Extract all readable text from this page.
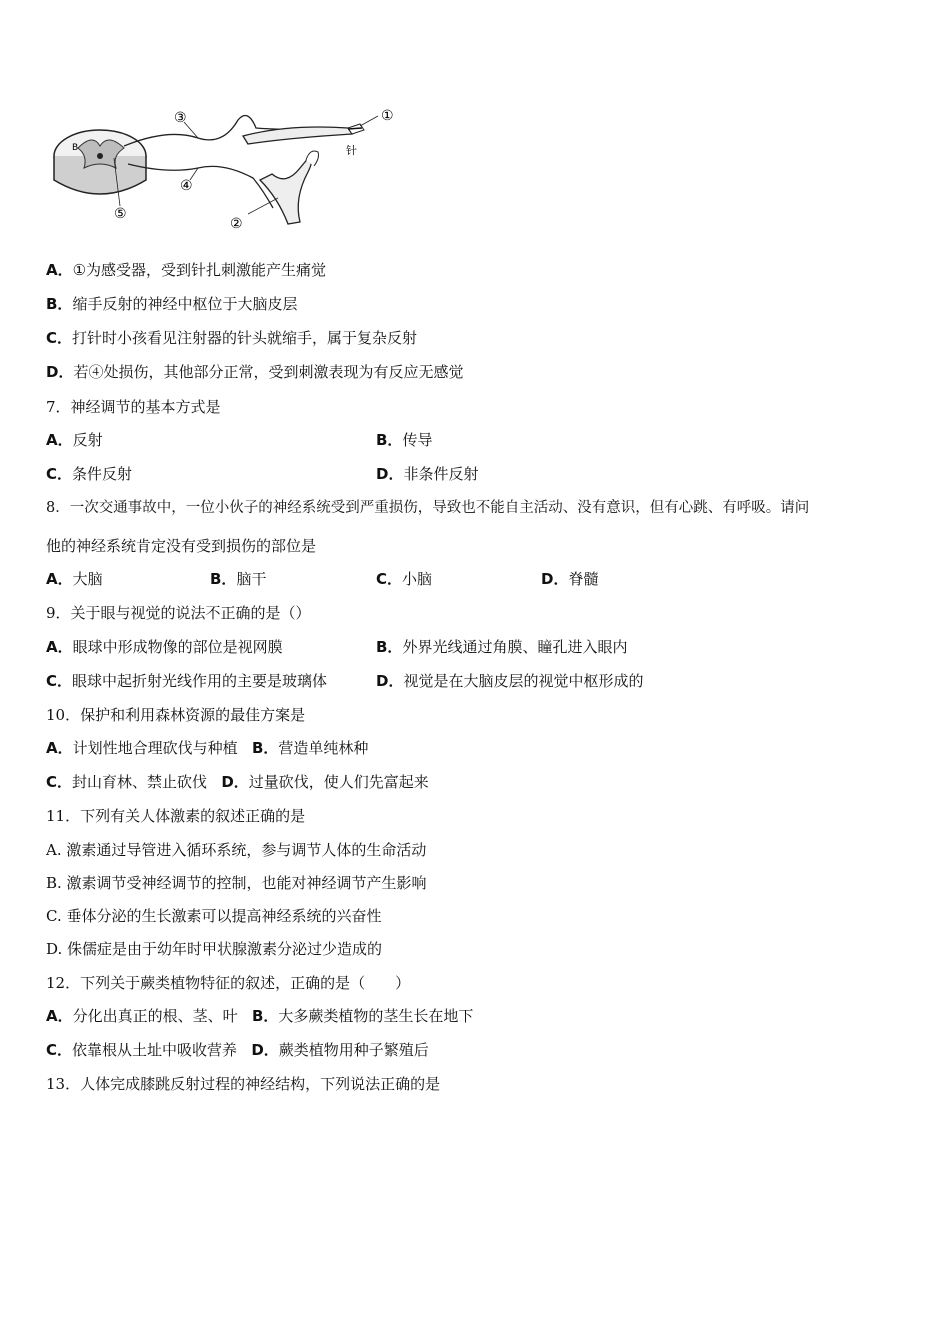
B
①
②
③
④
⑤
针
A．①为感受器，受到针扎刺激能产生痛觉
B．缩手反射的神经中枢位于大脑皮层
C．打针时小孩看见注射器的针头就缩手，属于复杂反射
D．若④处损伤，其他部分正常，受到刺激表现为有反应无感觉
7．神经调节的基本方式是
A．反射	B．传导
C．条件反射	D．非条件反射
8．一次交通事故中，一位小伙子的神经系统受到严重损伤，导致也不能自主活动、没有意识，但有心跳、有呼吸。请问
他的神经系统肯定没有受到损伤的部位是
A．大脑	B．脑干	C．小脑	D．脊髓
9．关于眼与视觉的说法不正确的是（）
A．眼球中形成物像的部位是视网膜	B．外界光线通过角膜、瞳孔进入眼内
C．眼球中起折射光线作用的主要是玻璃体	D．视觉是在大脑皮层的视觉中枢形成的
10．保护和利用森林资源的最佳方案是
A．计划性地合理砍伐与种植 B．营造单纯林种
C．封山育林、禁止砍伐 D．过量砍伐，使人们先富起来
11．下列有关人体激素的叙述正确的是
A. 激素通过导管进入循环系统，参与调节人体的生命活动
B. 激素调节受神经调节的控制，也能对神经调节产生影响
C. 垂体分泌的生长激素可以提高神经系统的兴奋性
D. 侏儒症是由于幼年时甲状腺激素分泌过少造成的
12．下列关于蕨类植物特征的叙述，正确的是（　　）
A．分化出真正的根、茎、叶 B．大多蕨类植物的茎生长在地下
C．依靠根从土址中吸收营养 D．蕨类植物用种子繁殖后
13．人体完成膝跳反射过程的神经结构，下列说法正确的是
